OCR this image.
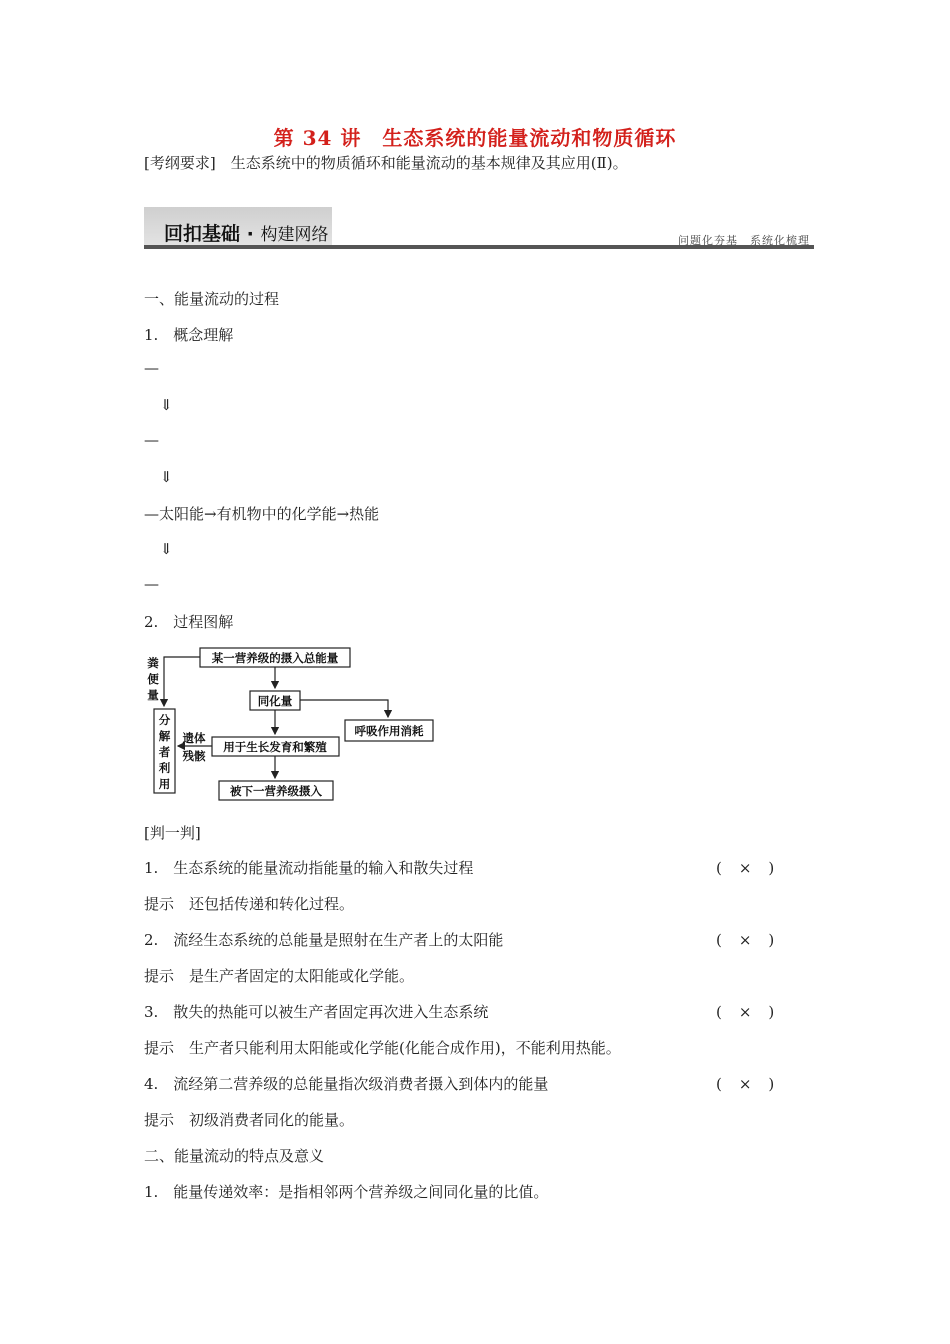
第 34 讲　生态系统的能量流动和物质循环
[考纲要求]　生态系统中的物质循环和能量流动的基本规律及其应用(Ⅱ)。
回扣基础 · 构建网络	问题化夯基　系统化梳理
一、能量流动的过程
1.　概念理解
—
⇓
—
⇓
—太阳能→有机物中的化学能→热能
⇓
—
2.　过程图解
某一营养级的摄入总能量
同化量
呼吸作用消耗
用于生长发育和繁殖
被下一营养级摄入
粪
便
量
遗体
残骸
分
解
者
利
用
[判一判]
1.　生态系统的能量流动指能量的输入和散失过程	(　×　)
提示　还包括传递和转化过程。
2.　流经生态系统的总能量是照射在生产者上的太阳能	(　×　)
提示　是生产者固定的太阳能或化学能。
3.　散失的热能可以被生产者固定再次进入生态系统	(　×　)
提示　生产者只能利用太阳能或化学能(化能合成作用)，不能利用热能。
4.　流经第二营养级的总能量指次级消费者摄入到体内的能量	(　×　)
提示　初级消费者同化的能量。
二、能量流动的特点及意义
1.　能量传递效率：是指相邻两个营养级之间同化量的比值。
